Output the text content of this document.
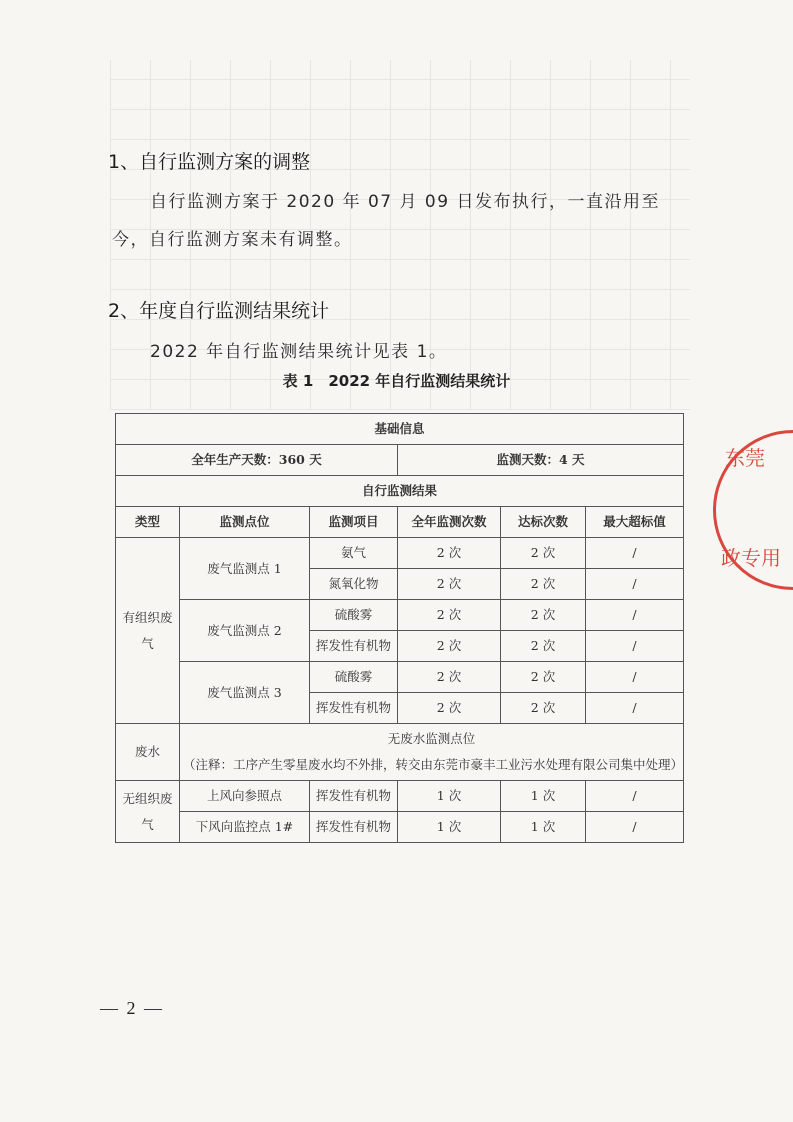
1、自行监测方案的调整
自行监测方案于 2020 年 07 月 09 日发布执行，一直沿用至
今，自行监测方案未有调整。
2、年度自行监测结果统计
2022 年自行监测结果统计见表 1。
表 1　2022 年自行监测结果统计
基础信息					
全年生产天数：360 天			监测天数：4 天		
自行监测结果					
类型	监测点位	监测项目	全年监测次数	达标次数	最大超标值
有组织废气	废气监测点 1	氨气	2 次	2 次	/
		氮氧化物	2 次	2 次	/
	废气监测点 2	硫酸雾	2 次	2 次	/
		挥发性有机物	2 次	2 次	/

	废气监测点 3	硫酸雾	2 次	2 次	/
		挥发性有机物	2 次	2 次	/

废水	无废水监测点位
（注释：工序产生零星废水均不外排，转交由东莞市豪丰工业污水处理有限公司集中处理）				

无组织废气	上风向参照点	挥发性有机物	1 次	1 次	/
	下风向监控点 1#	挥发性有机物	1 次	1 次	/
东莞
政专用
— 2 —
